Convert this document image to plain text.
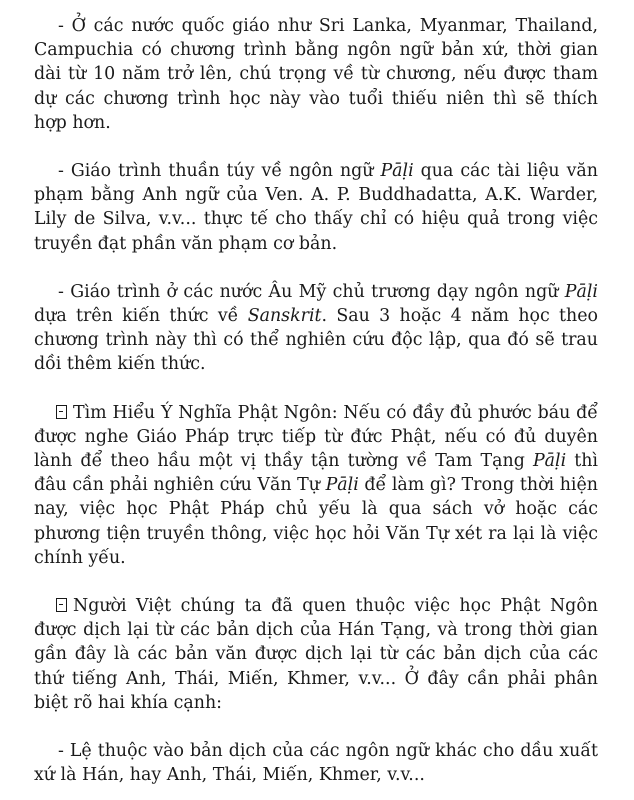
- Ở các nước quốc giáo như Sri Lanka, Myanmar, Thailand, Campuchia có chương trình bằng ngôn ngữ bản xứ, thời gian dài từ 10 năm trở lên, chú trọng về từ chương, nếu được tham dự các chương trình học này vào tuổi thiếu niên thì sẽ thích hợp hơn.

- Giáo trình thuần túy về ngôn ngữ Pāḷi qua các tài liệu văn phạm bằng Anh ngữ của Ven. A. P. Buddhadatta, A.K. Warder, Lily de Silva, v.v... thực tế cho thấy chỉ có hiệu quả trong việc truyền đạt phần văn phạm cơ bản.

- Giáo trình ở các nước Âu Mỹ chủ trương dạy ngôn ngữ Pāḷi dựa trên kiến thức về Sanskrit. Sau 3 hoặc 4 năm học theo chương trình này thì có thể nghiên cứu độc lập, qua đó sẽ trau dồi thêm kiến thức.

Tìm Hiểu Ý Nghĩa Phật Ngôn: Nếu có đầy đủ phước báu để được nghe Giáo Pháp trực tiếp từ đức Phật, nếu có đủ duyên lành để theo hầu một vị thầy tận tường về Tam Tạng Pāḷi thì đâu cần phải nghiên cứu Văn Tự Pāḷi để làm gì? Trong thời hiện nay, việc học Phật Pháp chủ yếu là qua sách vở hoặc các phương tiện truyền thông, việc học hỏi Văn Tự xét ra lại là việc chính yếu.

Người Việt chúng ta đã quen thuộc việc học Phật Ngôn được dịch lại từ các bản dịch của Hán Tạng, và trong thời gian gần đây là các bản văn được dịch lại từ các bản dịch của các thứ tiếng Anh, Thái, Miến, Khmer, v.v... Ở đây cần phải phân biệt rõ hai khía cạnh:

- Lệ thuộc vào bản dịch của các ngôn ngữ khác cho dầu xuất xứ là Hán, hay Anh, Thái, Miến, Khmer, v.v...
